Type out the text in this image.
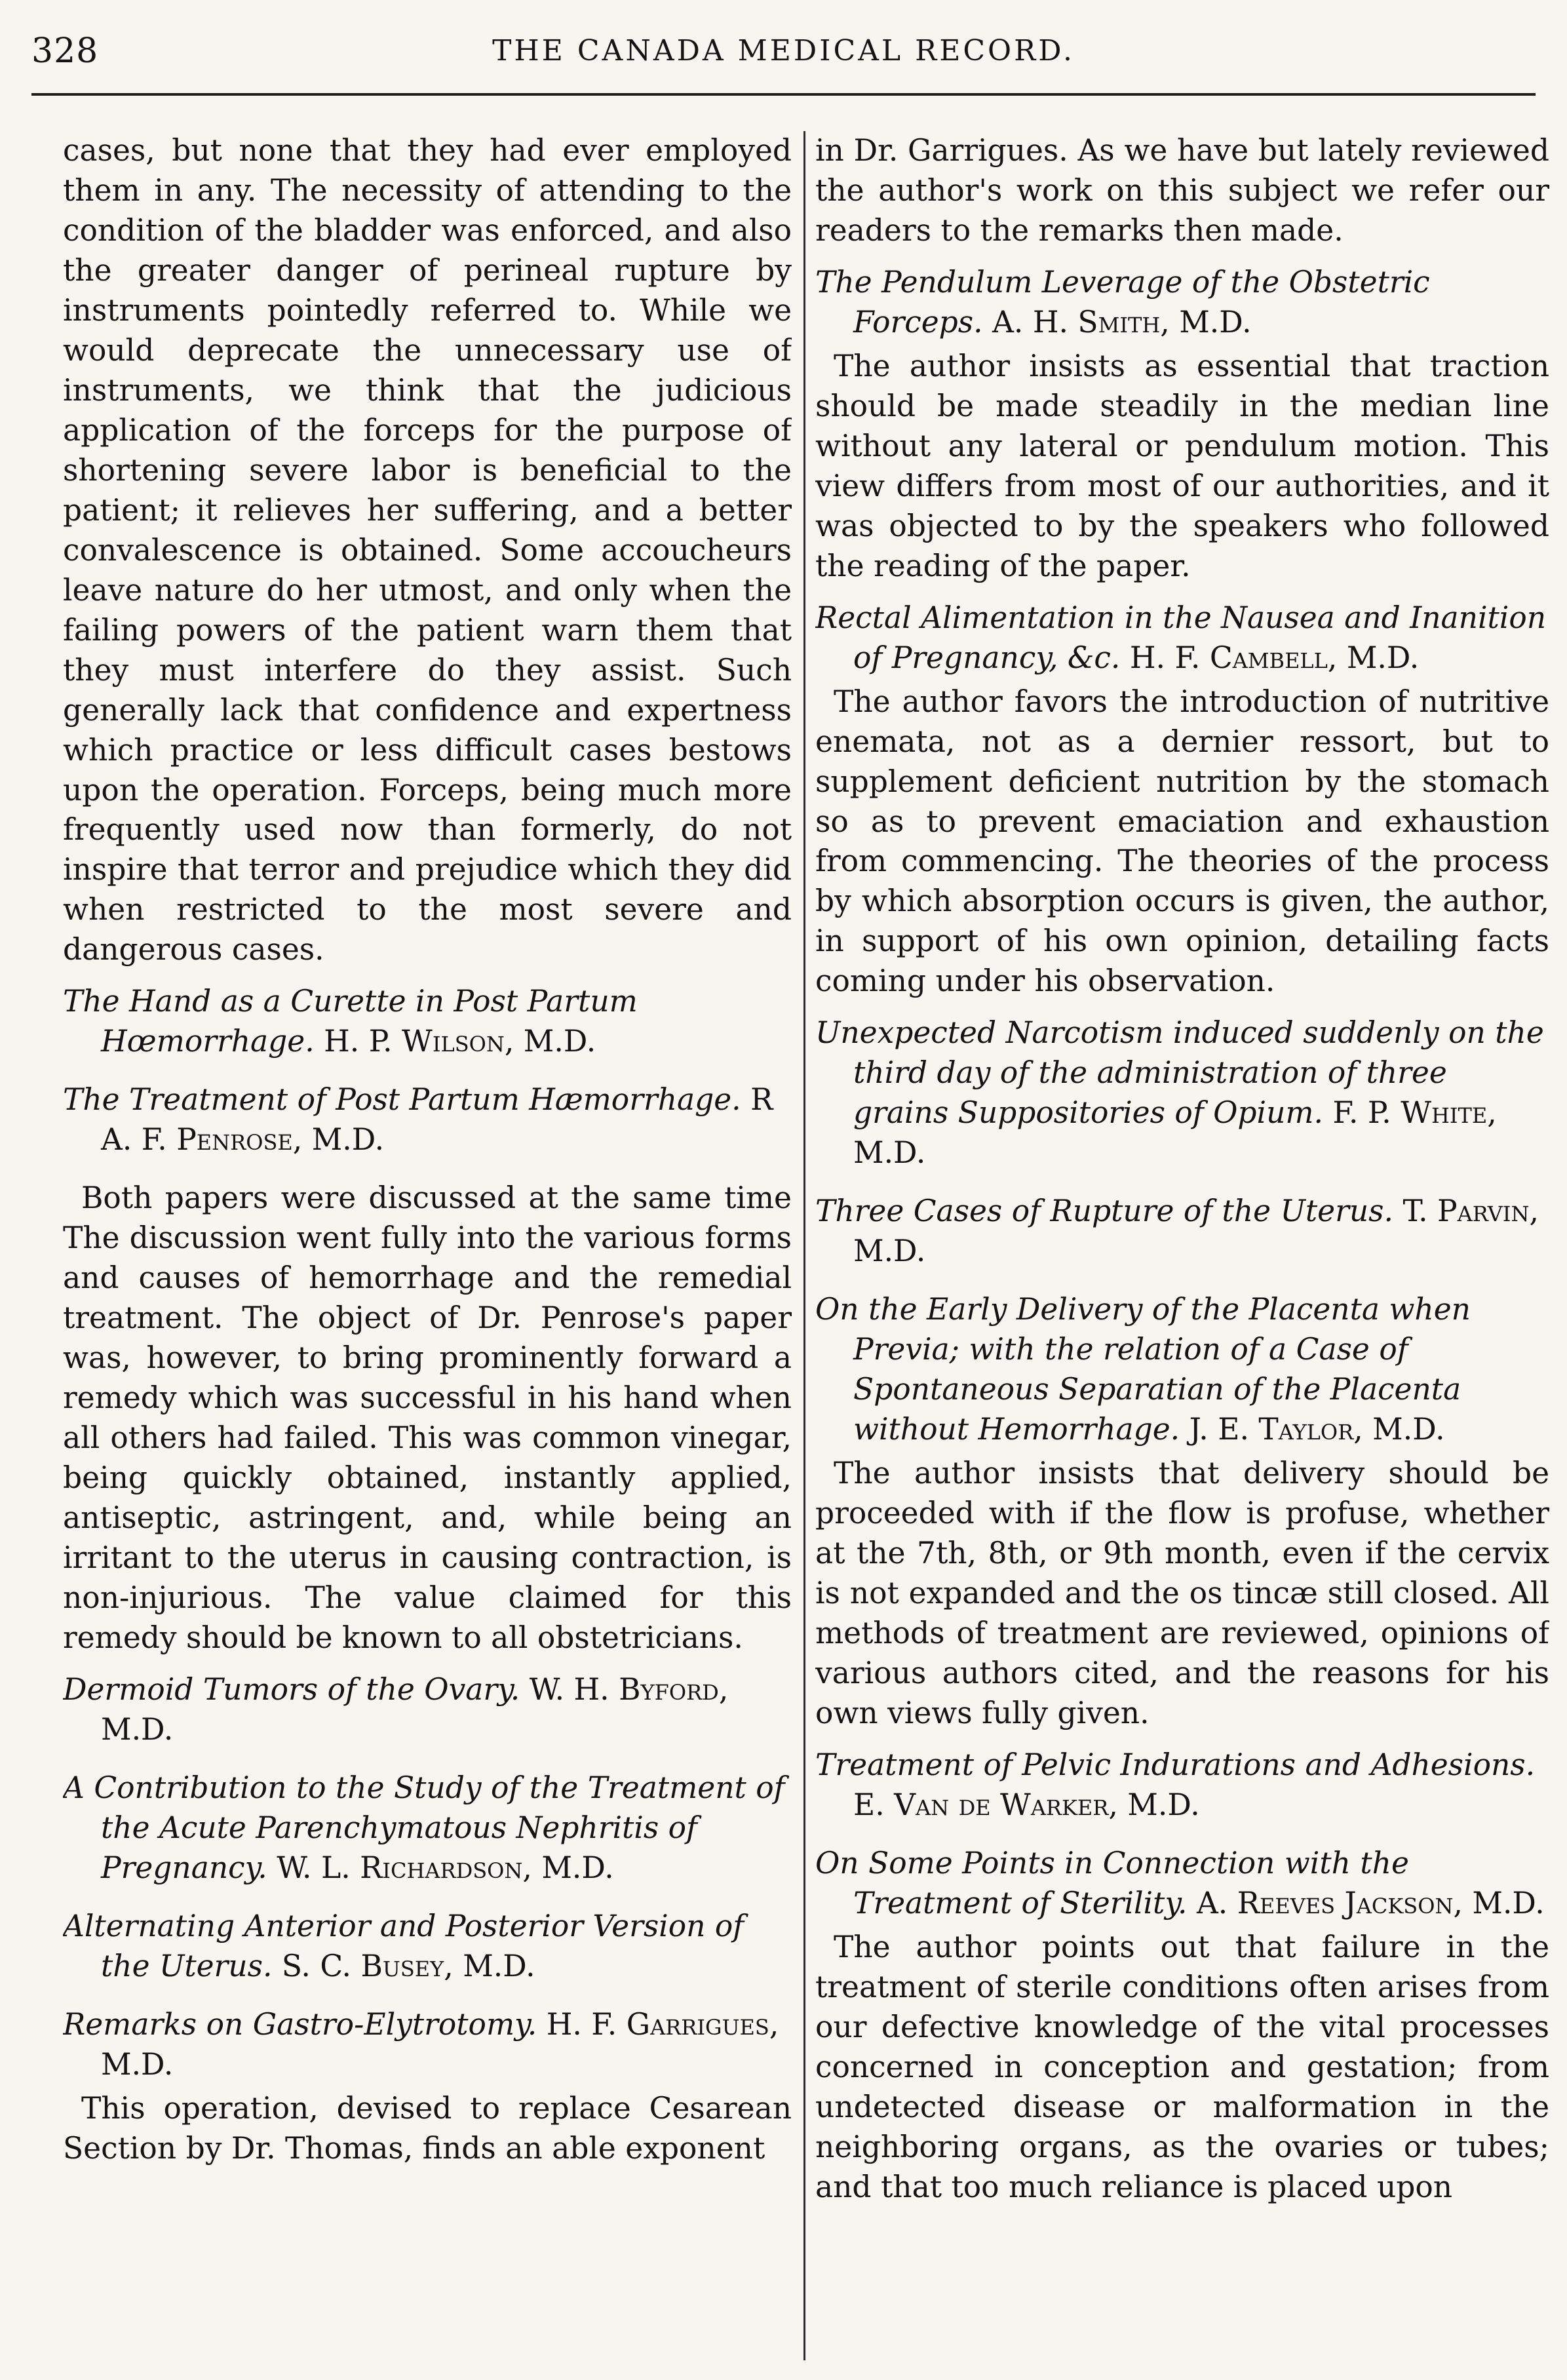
328	THE CANADA MEDICAL RECORD.

cases, but none that they had ever employed them in any. The necessity of attending to the condition of the bladder was enforced, and also the greater danger of perineal rupture by instruments pointedly referred to. While we would deprecate the unnecessary use of instruments, we think that the judicious application of the forceps for the purpose of shortening severe labor is beneficial to the patient; it relieves her suffering, and a better convalescence is obtained. Some accoucheurs leave nature do her utmost, and only when the failing powers of the patient warn them that they must interfere do they assist. Such generally lack that confidence and expertness which practice or less difficult cases bestows upon the operation. Forceps, being much more frequently used now than formerly, do not inspire that terror and prejudice which they did when restricted to the most severe and dangerous cases.

The Hand as a Curette in Post Partum Hœmorrhage. H. P. Wilson, M.D.

The Treatment of Post Partum Hæmorrhage. R A. F. Penrose, M.D.

Both papers were discussed at the same time The discussion went fully into the various forms and causes of hemorrhage and the remedial treatment. The object of Dr. Penrose's paper was, however, to bring prominently forward a remedy which was successful in his hand when all others had failed. This was common vinegar, being quickly obtained, instantly applied, antiseptic, astringent, and, while being an irritant to the uterus in causing contraction, is non-injurious. The value claimed for this remedy should be known to all obstetricians.

Dermoid Tumors of the Ovary. W. H. Byford, M.D.

A Contribution to the Study of the Treatment of the Acute Parenchymatous Nephritis of Pregnancy. W. L. Richardson, M.D.

Alternating Anterior and Posterior Version of the Uterus. S. C. Busey, M.D.

Remarks on Gastro-Elytrotomy. H. F. Garrigues, M.D.

This operation, devised to replace Cesarean Section by Dr. Thomas, finds an able exponent

in Dr. Garrigues. As we have but lately reviewed the author's work on this subject we refer our readers to the remarks then made.

The Pendulum Leverage of the Obstetric Forceps. A. H. Smith, M.D.

The author insists as essential that traction should be made steadily in the median line without any lateral or pendulum motion. This view differs from most of our authorities, and it was objected to by the speakers who followed the reading of the paper.

Rectal Alimentation in the Nausea and Inanition of Pregnancy, &c. H. F. Cambell, M.D.

The author favors the introduction of nutritive enemata, not as a dernier ressort, but to supplement deficient nutrition by the stomach so as to prevent emaciation and exhaustion from commencing. The theories of the process by which absorption occurs is given, the author, in support of his own opinion, detailing facts coming under his observation.

Unexpected Narcotism induced suddenly on the third day of the administration of three grains Suppositories of Opium. F. P. White, M.D.

Three Cases of Rupture of the Uterus. T. Parvin, M.D.

On the Early Delivery of the Placenta when Previa; with the relation of a Case of Spontaneous Separatian of the Placenta without Hemorrhage. J. E. Taylor, M.D.

The author insists that delivery should be proceeded with if the flow is profuse, whether at the 7th, 8th, or 9th month, even if the cervix is not expanded and the os tincæ still closed. All methods of treatment are reviewed, opinions of various authors cited, and the reasons for his own views fully given.

Treatment of Pelvic Indurations and Adhesions. E. Van de Warker, M.D.

On Some Points in Connection with the Treatment of Sterility. A. Reeves Jackson, M.D.

The author points out that failure in the treatment of sterile conditions often arises from our defective knowledge of the vital processes concerned in conception and gestation; from undetected disease or malformation in the neighboring organs, as the ovaries or tubes; and that too much reliance is placed upon
